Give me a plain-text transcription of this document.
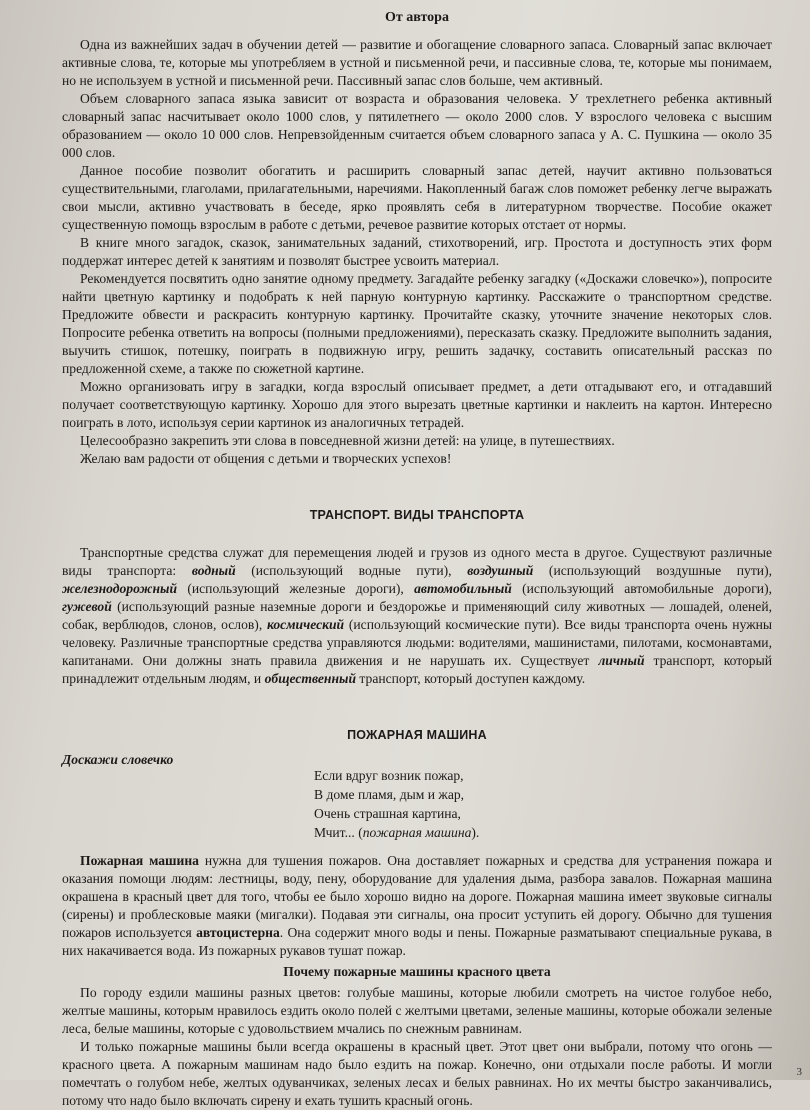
От автора

Одна из важнейших задач в обучении детей — развитие и обогащение словарного запаса. Словарный запас включает активные слова, те, которые мы употребляем в устной и письменной речи, и пассивные слова, те, которые мы понимаем, но не используем в устной и письменной речи. Пассивный запас слов больше, чем активный.

Объем словарного запаса языка зависит от возраста и образования человека. У трехлетнего ребенка активный словарный запас насчитывает около 1000 слов, у пятилетнего — около 2000 слов. У взрослого человека с высшим образованием — около 10 000 слов. Непревзойденным считается объем словарного запаса у А. С. Пушкина — около 35 000 слов.

Данное пособие позволит обогатить и расширить словарный запас детей, научит активно пользоваться существительными, глаголами, прилагательными, наречиями. Накопленный багаж слов поможет ребенку легче выражать свои мысли, активно участвовать в беседе, ярко проявлять себя в литературном творчестве. Пособие окажет существенную помощь взрослым в работе с детьми, речевое развитие которых отстает от нормы.

В книге много загадок, сказок, занимательных заданий, стихотворений, игр. Простота и доступность этих форм поддержат интерес детей к занятиям и позволят быстрее усвоить материал.

Рекомендуется посвятить одно занятие одному предмету. Загадайте ребенку загадку («Доскажи словечко»), попросите найти цветную картинку и подобрать к ней парную контурную картинку. Расскажите о транспортном средстве. Предложите обвести и раскрасить контурную картинку. Прочитайте сказку, уточните значение некоторых слов. Попросите ребенка ответить на вопросы (полными предложениями), пересказать сказку. Предложите выполнить задания, выучить стишок, потешку, поиграть в подвижную игру, решить задачку, составить описательный рассказ по предложенной схеме, а также по сюжетной картине.

Можно организовать игру в загадки, когда взрослый описывает предмет, а дети отгадывают его, и отгадавший получает соответствующую картинку. Хорошо для этого вырезать цветные картинки и наклеить на картон. Интересно поиграть в лото, используя серии картинок из аналогичных тетрадей.

Целесообразно закрепить эти слова в повседневной жизни детей: на улице, в путешествиях.

Желаю вам радости от общения с детьми и творческих успехов!

ТРАНСПОРТ. ВИДЫ ТРАНСПОРТА

Транспортные средства служат для перемещения людей и грузов из одного места в другое. Существуют различные виды транспорта: водный (использующий водные пути), воздушный (использующий воздушные пути), железнодорожный (использующий железные дороги), автомобильный (использующий автомобильные дороги), гужевой (использующий разные наземные дороги и бездорожье и применяющий силу животных — лошадей, оленей, собак, верблюдов, слонов, ослов), космический (использующий космические пути). Все виды транспорта очень нужны человеку. Различные транспортные средства управляются людьми: водителями, машинистами, пилотами, космонавтами, капитанами. Они должны знать правила движения и не нарушать их. Существует личный транспорт, который принадлежит отдельным людям, и общественный транспорт, который доступен каждому.

ПОЖАРНАЯ МАШИНА
Доскажи словечко
Если вдруг возник пожар,
В доме пламя, дым и жар,
Очень страшная картина,
Мчит... (пожарная машина).

Пожарная машина нужна для тушения пожаров. Она доставляет пожарных и средства для устранения пожара и оказания помощи людям: лестницы, воду, пену, оборудование для удаления дыма, разбора завалов. Пожарная машина окрашена в красный цвет для того, чтобы ее было хорошо видно на дороге. Пожарная машина имеет звуковые сигналы (сирены) и проблесковые маяки (мигалки). Подавая эти сигналы, она просит уступить ей дорогу. Обычно для тушения пожаров используется автоцистерна. Она содержит много воды и пены. Пожарные разматывают специальные рукава, в них накачивается вода. Из пожарных рукавов тушат пожар.

Почему пожарные машины красного цвета

По городу ездили машины разных цветов: голубые машины, которые любили смотреть на чистое голубое небо, желтые машины, которым нравилось ездить около полей с желтыми цветами, зеленые машины, которые обожали зеленые леса, белые машины, которые с удовольствием мчались по снежным равнинам.

И только пожарные машины были всегда окрашены в красный цвет. Этот цвет они выбрали, потому что огонь — красного цвета. А пожарным машинам надо было ездить на пожар. Конечно, они отдыхали после работы. И могли помечтать о голубом небе, желтых одуванчиках, зеленых лесах и белых равнинах. Но их мечты быстро заканчивались, потому что надо было включать сирену и ехать тушить красный огонь.

3
